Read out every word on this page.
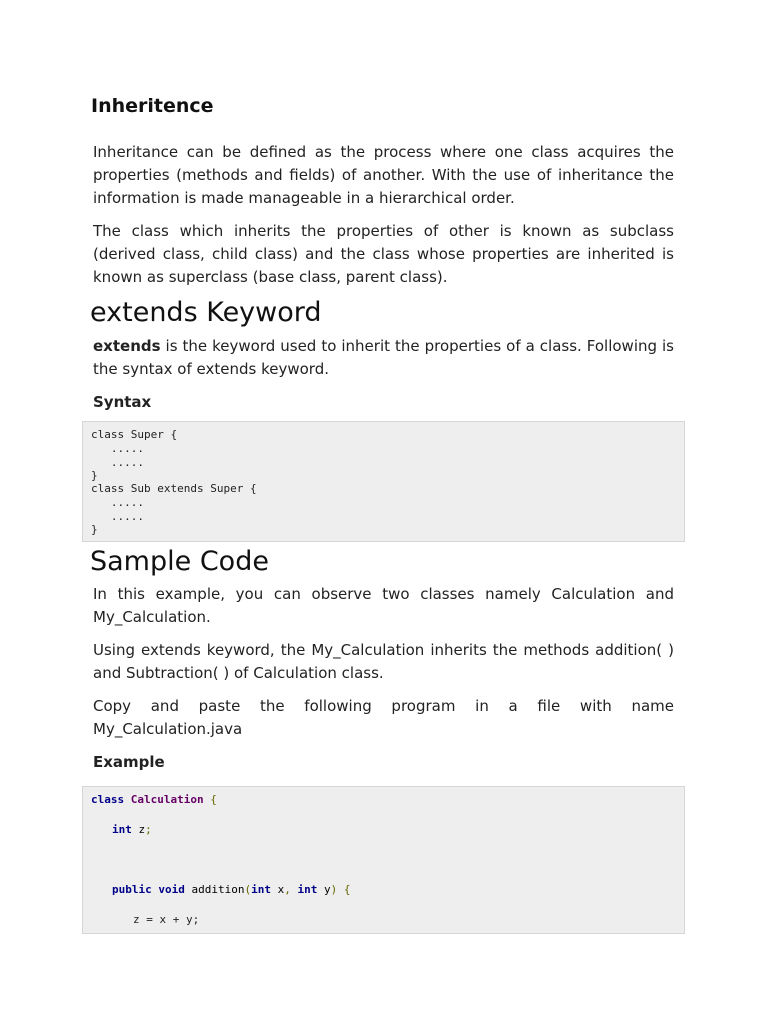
Inheritence

Inheritance can be defined as the process where one class acquires the properties (methods and fields) of another. With the use of inheritance the information is made manageable in a hierarchical order.

The class which inherits the properties of other is known as subclass (derived class, child class) and the class whose properties are inherited is known as superclass (base class, parent class).

extends Keyword

extends is the keyword used to inherit the properties of a class. Following is the syntax of extends keyword.

Syntax
class Super {
.....
.....
}
class Sub extends Super {
.....
.....
}
Sample Code

In this example, you can observe two classes namely Calculation and My_Calculation.

Using extends keyword, the My_Calculation inherits the methods addition( ) and Subtraction( ) of Calculation class.

Copy and paste the following program in a file with name My_Calculation.java

Example
class Calculation {
int z;
public void addition(int x, int y) {
z = x + y;
